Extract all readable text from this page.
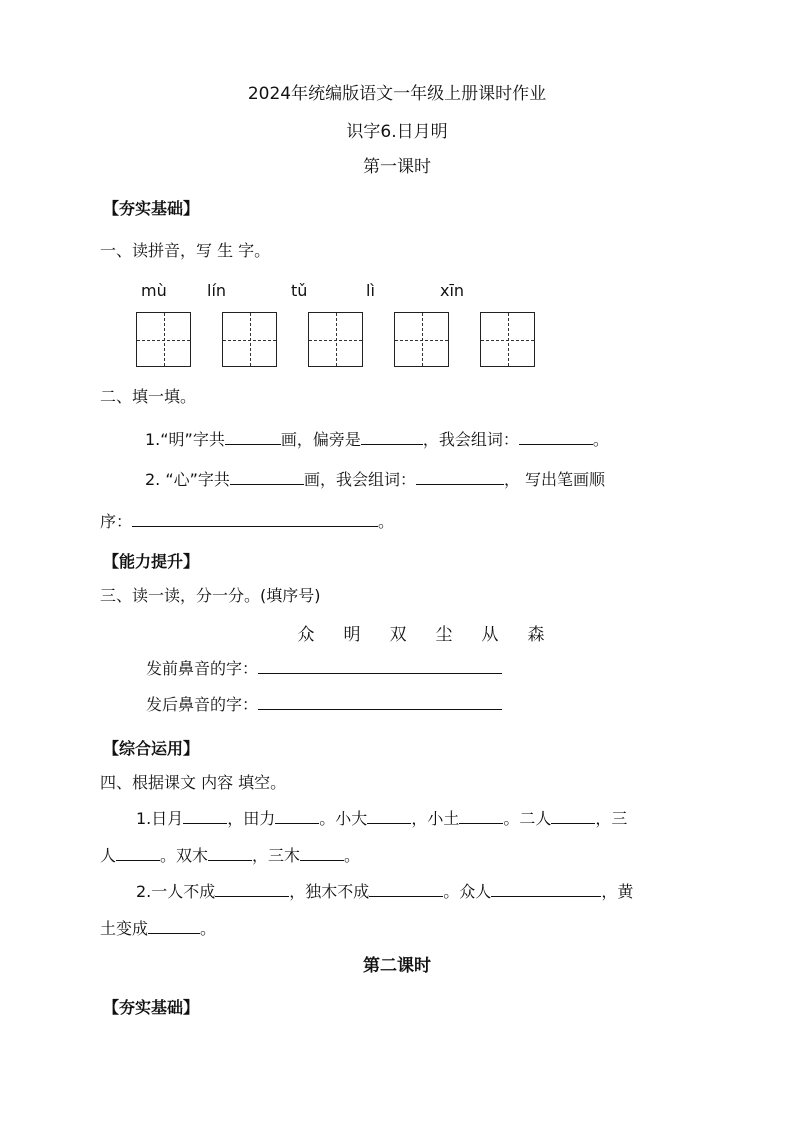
2024年统编版语文一年级上册课时作业
识字6.日月明
第一课时
【夯实基础】
一、读拼音，写 生 字。
mù	lín	tǔ	lì	xīn
二、填一填。
1.“明”字共	画，偏旁是	，我会组词：	。
2. “心”字共	画，我会组词：	， 写出笔画顺
序：	。
【能力提升】
三、读一读，分一分。(填序号)
众 明 双 尘 从 森
发前鼻音的字：
发后鼻音的字：
【综合运用】
四、根据课文 内容 填空。
1.日月	，田力	。小大	，小土	。二人	，三
人	。双木	，三木	。
2.一人不成	，独木不成	。众人	，黄
土变成	。
第二课时
【夯实基础】
